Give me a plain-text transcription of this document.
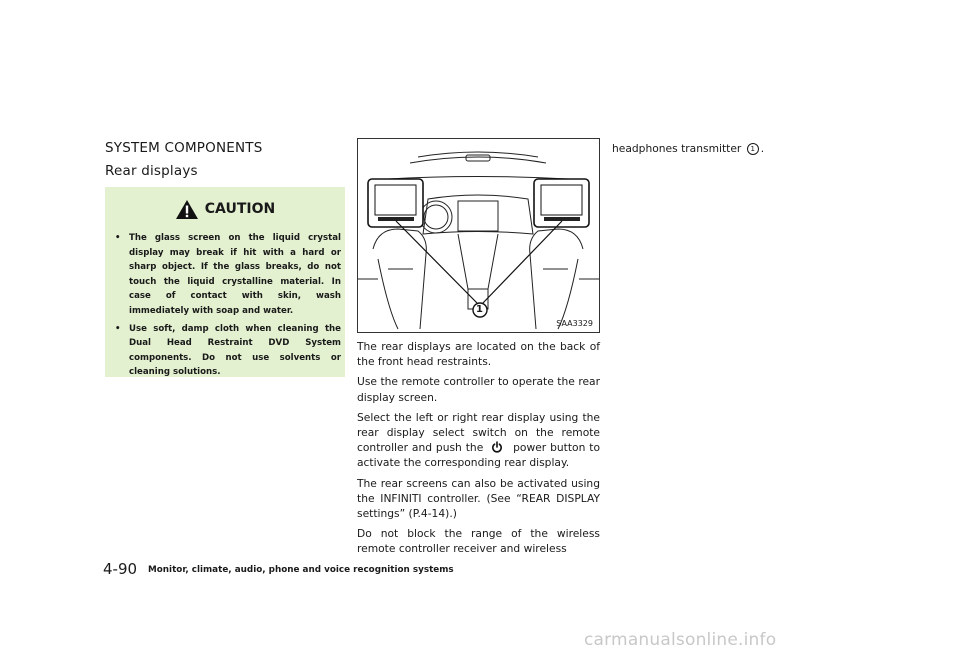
SYSTEM COMPONENTS
Rear displays
CAUTION
• The glass screen on the liquid crystal display may break if hit with a hard or sharp object. If the glass breaks, do not touch the liquid crystalline material. In case of contact with skin, wash immediately with soap and water.
• Use soft, damp cloth when cleaning the Dual Head Restraint DVD System components. Do not use solvents or cleaning solutions.
1
SAA3329

The rear displays are located on the back of the front head restraints.

Use the remote controller to operate the rear display screen.

Select the left or right rear display using the rear display select switch on the remote controller and push the	power button to activate the corresponding rear display.

The rear screens can also be activated using the INFINITI controller. (See “REAR DISPLAY settings” (P.4-14).)

Do not block the range of the wireless remote controller receiver and wireless

headphones transmitter 1 .
4-90 Monitor, climate, audio, phone and voice recognition systems
carmanualsonline.info
